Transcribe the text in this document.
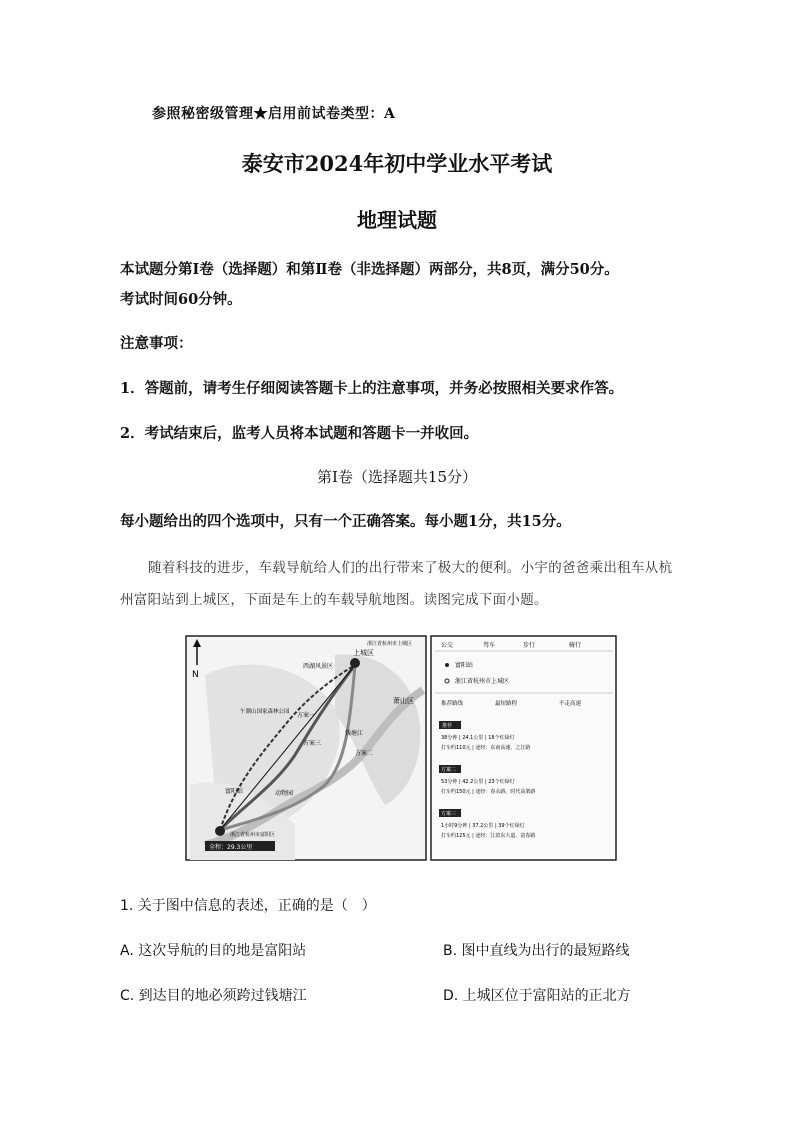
参照秘密级管理★启用前试卷类型：A
泰安市2024年初中学业水平考试
地理试题
本试题分第Ⅰ卷（选择题）和第Ⅱ卷（非选择题）两部分，共8页，满分50分。
考试时间60分钟。
注意事项：
1．答题前，请考生仔细阅读答题卡上的注意事项，并务必按照相关要求作答。
2．考试结束后，监考人员将本试题和答题卡一并收回。
第Ⅰ卷（选择题共15分）
每小题给出的四个选项中，只有一个正确答案。每小题1分，共15分。
随着科技的进步，车载导航给人们的出行带来了极大的便利。小宇的爸爸乘出租车从杭
州富阳站到上城区，下面是车上的车载导航地图。读图完成下面小题。
N
上城区
西湖风景区
浙江省杭州市上城区
萧山区
钱塘江
午潮山国家森林公园 方案一
方案三
方案二
富阳站	动物园
浙江省杭州市富阳区
全程：29.3公里
公交	驾车	步行	骑行
富阳站
浙江省杭州市上城区
推荐路线	最短路程	不走高速
推荐
38分钟 | 24.1公里 | 18个红绿灯
打车约110元 | 途经：东南高速、之江路
方案二
53分钟 | 42.2公里 | 23个红绿灯
打车约150元 | 途经：春永路、时代高架路
方案三
1小时9分钟 | 37.2公里 | 39个红绿灯
打车约125元 | 途经：江滨东大道、富春路
1. 关于图中信息的表述，正确的是（　）
A. 这次导航的目的地是富阳站	B. 图中直线为出行的最短路线
C. 到达目的地必须跨过钱塘江	D. 上城区位于富阳站的正北方
